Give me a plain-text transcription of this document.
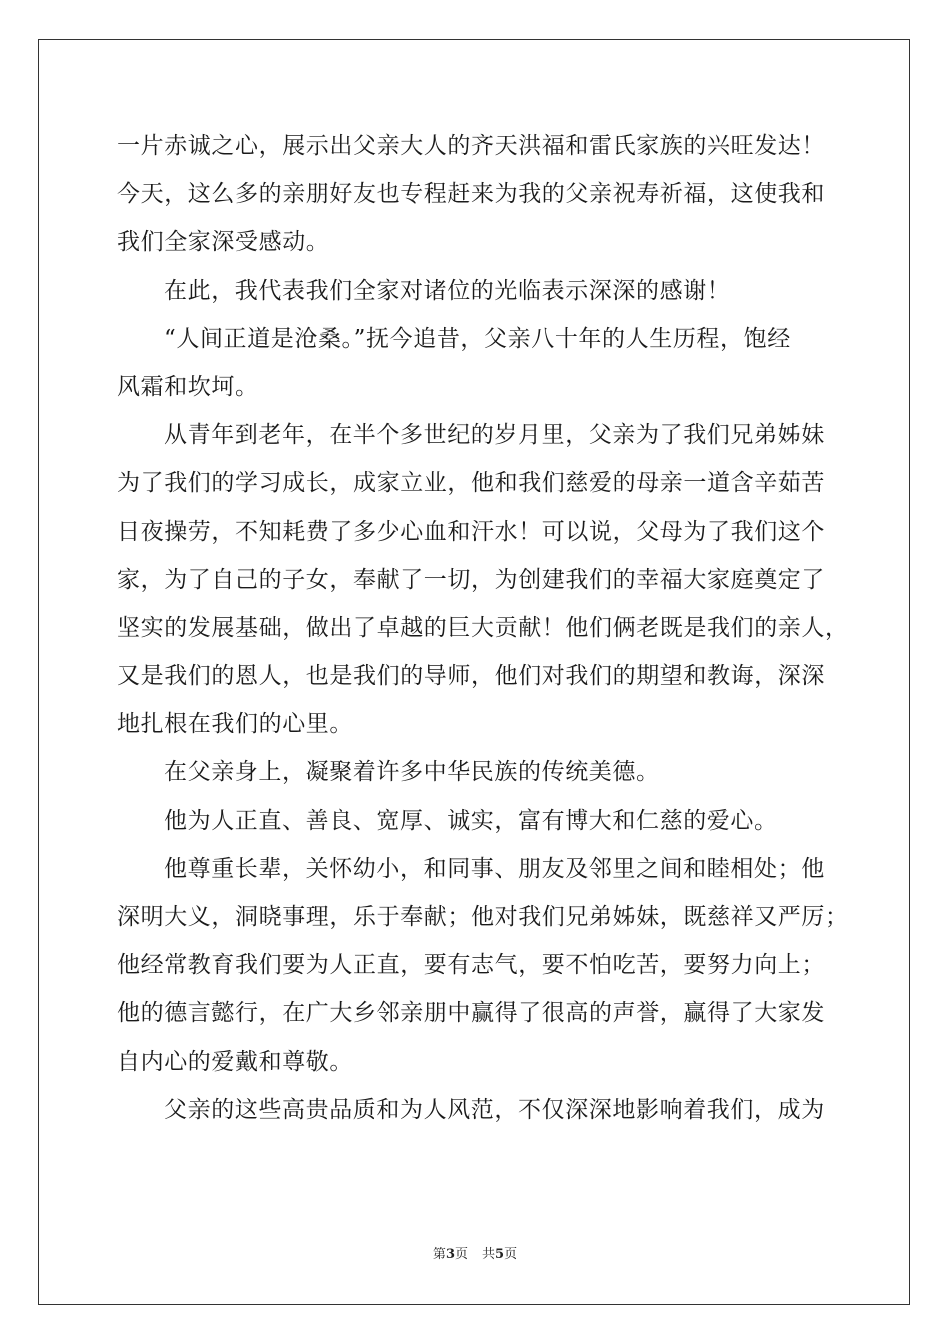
一片赤诚之心，展示出父亲大人的齐天洪福和雷氏家族的兴旺发达！
今天，这么多的亲朋好友也专程赶来为我的父亲祝寿祈福，这使我和
我们全家深受感动。
在此，我代表我们全家对诸位的光临表示深深的感谢！
“人间正道是沧桑。”抚今追昔，父亲八十年的人生历程，饱经
风霜和坎坷。
从青年到老年，在半个多世纪的岁月里，父亲为了我们兄弟姊妹
为了我们的学习成长，成家立业，他和我们慈爱的母亲一道含辛茹苦
日夜操劳，不知耗费了多少心血和汗水！可以说，父母为了我们这个
家，为了自己的子女，奉献了一切，为创建我们的幸福大家庭奠定了
坚实的发展基础，做出了卓越的巨大贡献！他们俩老既是我们的亲人，
又是我们的恩人，也是我们的导师，他们对我们的期望和教诲，深深
地扎根在我们的心里。
在父亲身上，凝聚着许多中华民族的传统美德。
他为人正直、善良、宽厚、诚实，富有博大和仁慈的爱心。
他尊重长辈，关怀幼小，和同事、朋友及邻里之间和睦相处；他
深明大义，洞晓事理，乐于奉献；他对我们兄弟姊妹，既慈祥又严厉；
他经常教育我们要为人正直，要有志气，要不怕吃苦，要努力向上；
他的德言懿行，在广大乡邻亲朋中赢得了很高的声誉，赢得了大家发
自内心的爱戴和尊敬。
父亲的这些高贵品质和为人风范，不仅深深地影响着我们，成为
第3页 共5页
